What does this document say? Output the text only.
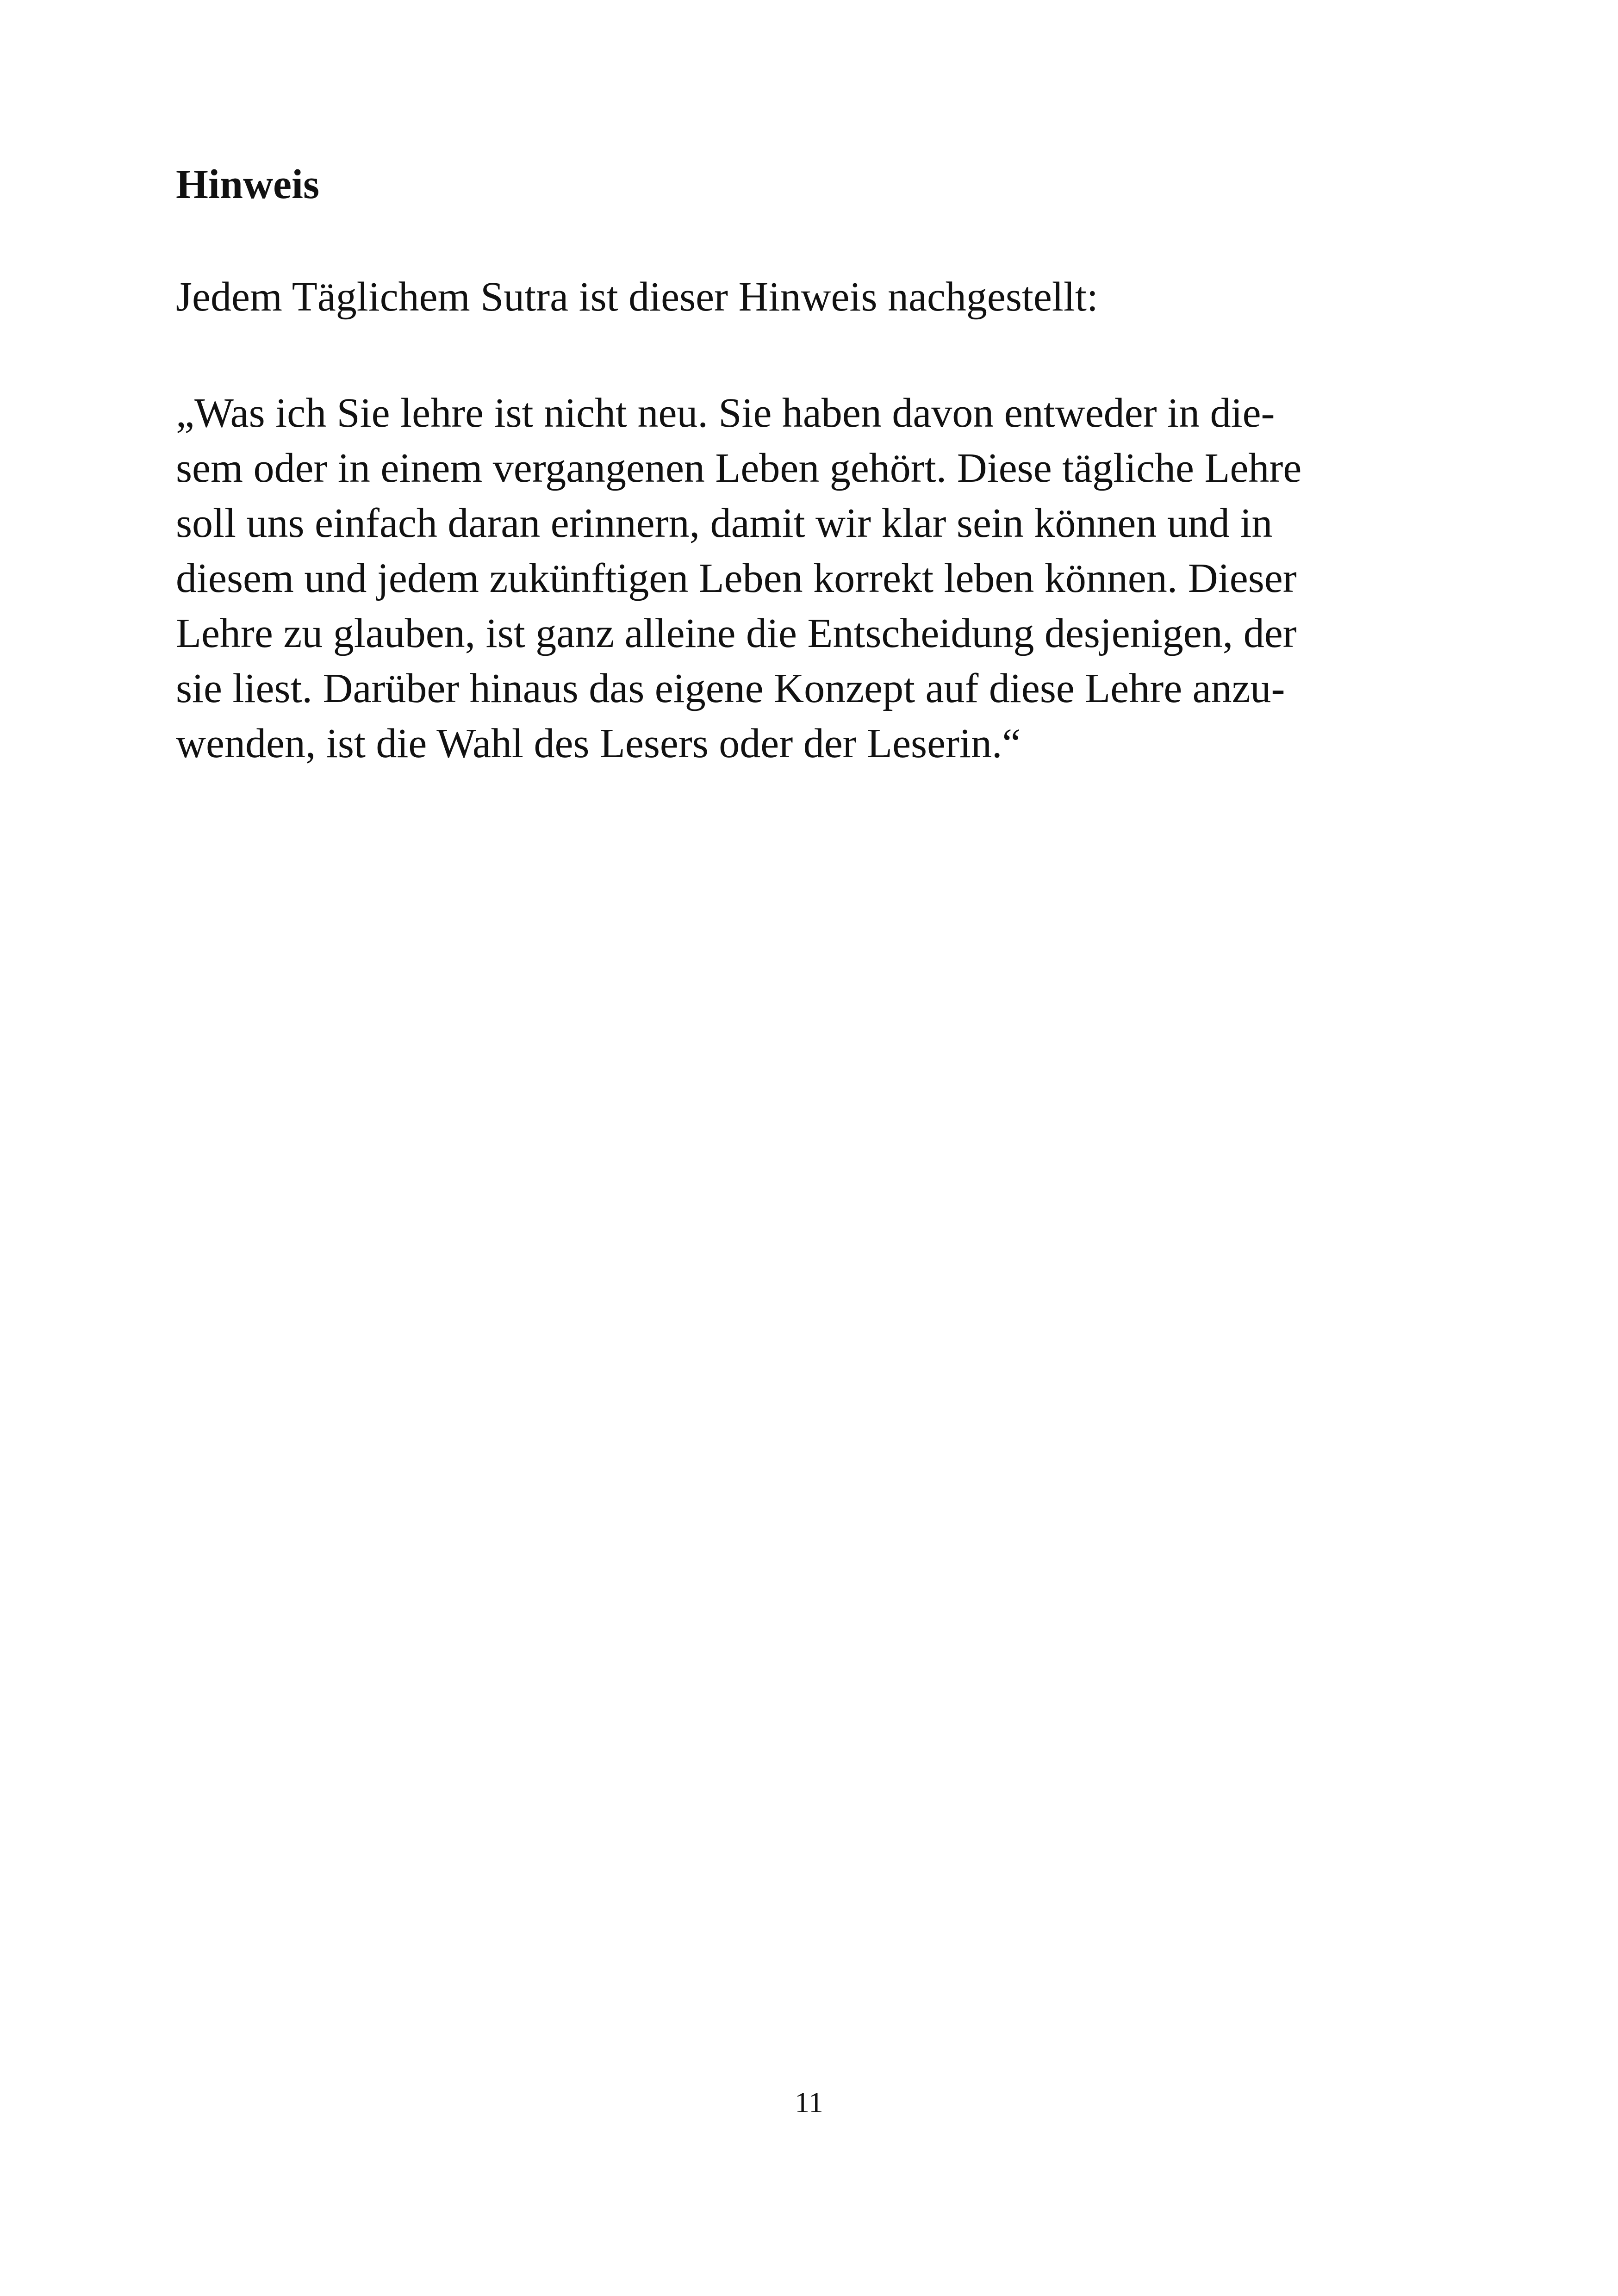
Hinweis

Jedem Täglichem Sutra ist dieser Hinweis nachgestellt:

„Was ich Sie lehre ist nicht neu. Sie haben davon entweder in die-
sem oder in einem vergangenen Leben gehört. Diese tägliche Lehre
soll uns einfach daran erinnern, damit wir klar sein können und in
diesem und jedem zukünftigen Leben korrekt leben können. Dieser
Lehre zu glauben, ist ganz alleine die Entscheidung desjenigen, der
sie liest. Darüber hinaus das eigene Konzept auf diese Lehre anzu-
wenden, ist die Wahl des Lesers oder der Leserin.“

11
